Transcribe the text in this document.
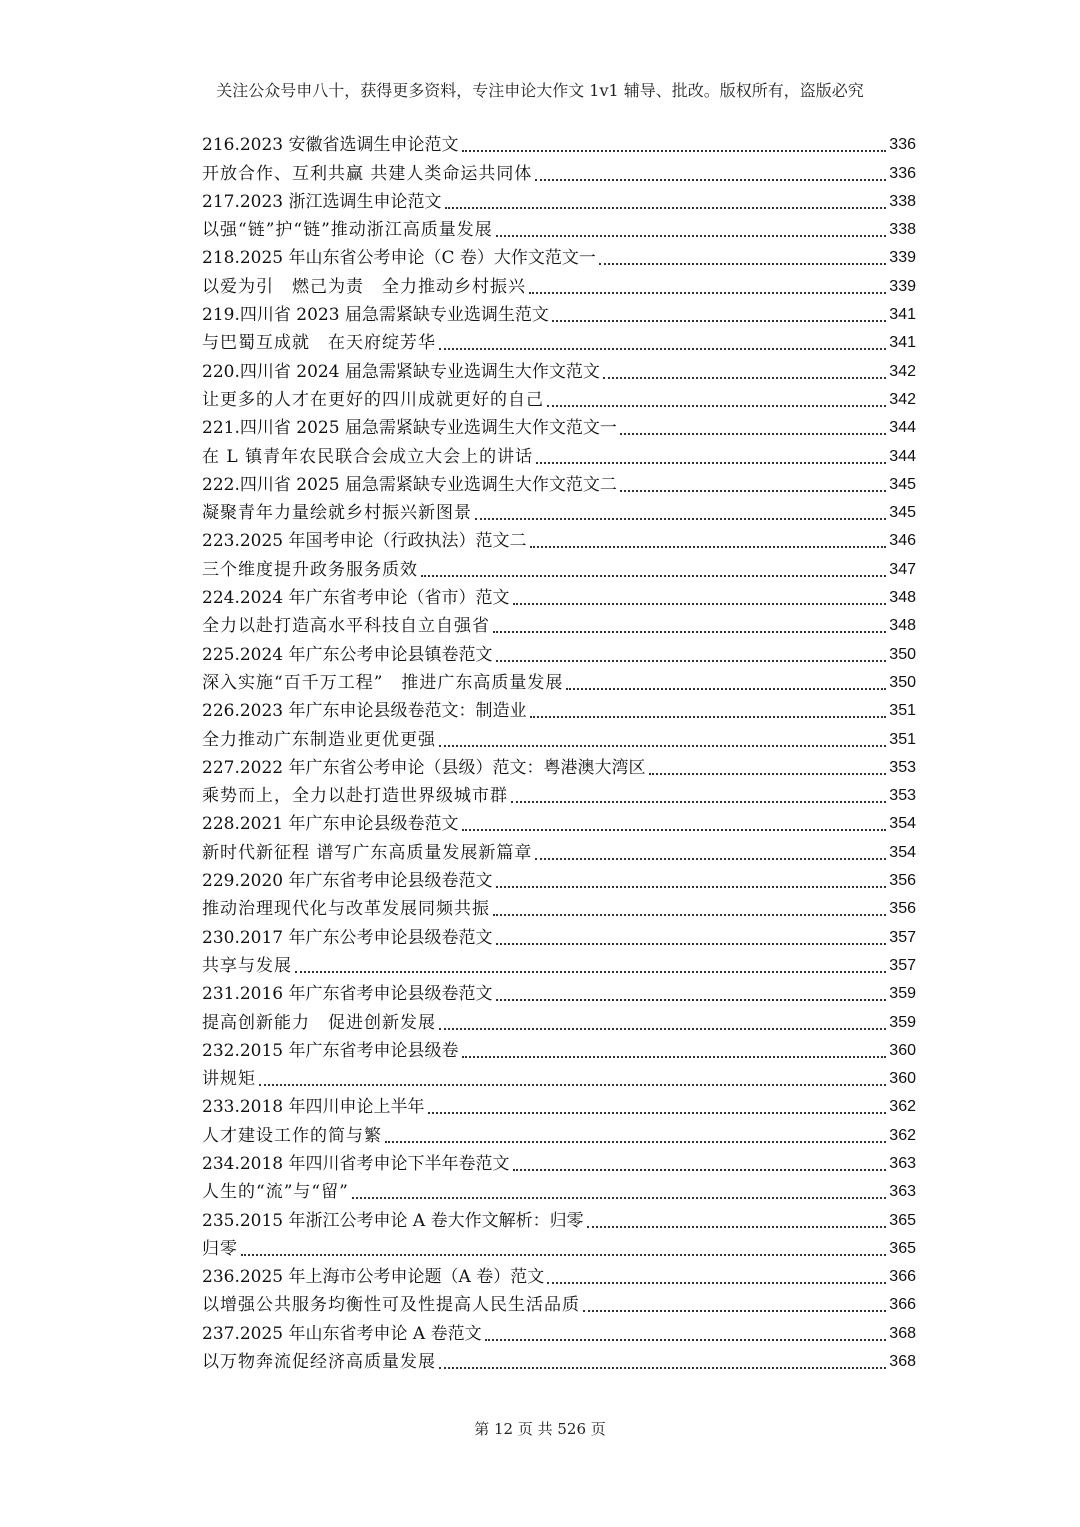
关注公众号申八十，获得更多资料，专注申论大作文 1v1 辅导、批改。版权所有，盗版必究
216.2023 安徽省选调生申论范文	336
开放合作、互利共赢 共建人类命运共同体	336
217.2023 浙江选调生申论范文	338
以强“链”护“链”推动浙江高质量发展	338
218.2025 年山东省公考申论（C 卷）大作文范文一	339
以爱为引　燃己为责　全力推动乡村振兴	339
219.四川省 2023 届急需紧缺专业选调生范文	341
与巴蜀互成就　在天府绽芳华	341
220.四川省 2024 届急需紧缺专业选调生大作文范文	342
让更多的人才在更好的四川成就更好的自己	342
221.四川省 2025 届急需紧缺专业选调生大作文范文一	344
在 L 镇青年农民联合会成立大会上的讲话	344
222.四川省 2025 届急需紧缺专业选调生大作文范文二	345
凝聚青年力量绘就乡村振兴新图景	345
223.2025 年国考申论（行政执法）范文二	346
三个维度提升政务服务质效	347
224.2024 年广东省考申论（省市）范文	348
全力以赴打造高水平科技自立自强省	348
225.2024 年广东公考申论县镇卷范文	350
深入实施“百千万工程”　推进广东高质量发展	350
226.2023 年广东申论县级卷范文：制造业	351
全力推动广东制造业更优更强	351
227.2022 年广东省公考申论（县级）范文：粤港澳大湾区	353
乘势而上，全力以赴打造世界级城市群	353
228.2021 年广东申论县级卷范文	354
新时代新征程 谱写广东高质量发展新篇章	354
229.2020 年广东省考申论县级卷范文	356
推动治理现代化与改革发展同频共振	356
230.2017 年广东公考申论县级卷范文	357
共享与发展	357
231.2016 年广东省考申论县级卷范文	359
提高创新能力　促进创新发展	359
232.2015 年广东省考申论县级卷	360
讲规矩	360
233.2018 年四川申论上半年	362
人才建设工作的简与繁	362
234.2018 年四川省考申论下半年卷范文	363
人生的“流”与“留”	363
235.2015 年浙江公考申论 A 卷大作文解析：归零	365
归零	365
236.2025 年上海市公考申论题（A 卷）范文	366
以增强公共服务均衡性可及性提高人民生活品质	366
237.2025 年山东省考申论 A 卷范文	368
以万物奔流促经济高质量发展	368
第 12 页 共 526 页
